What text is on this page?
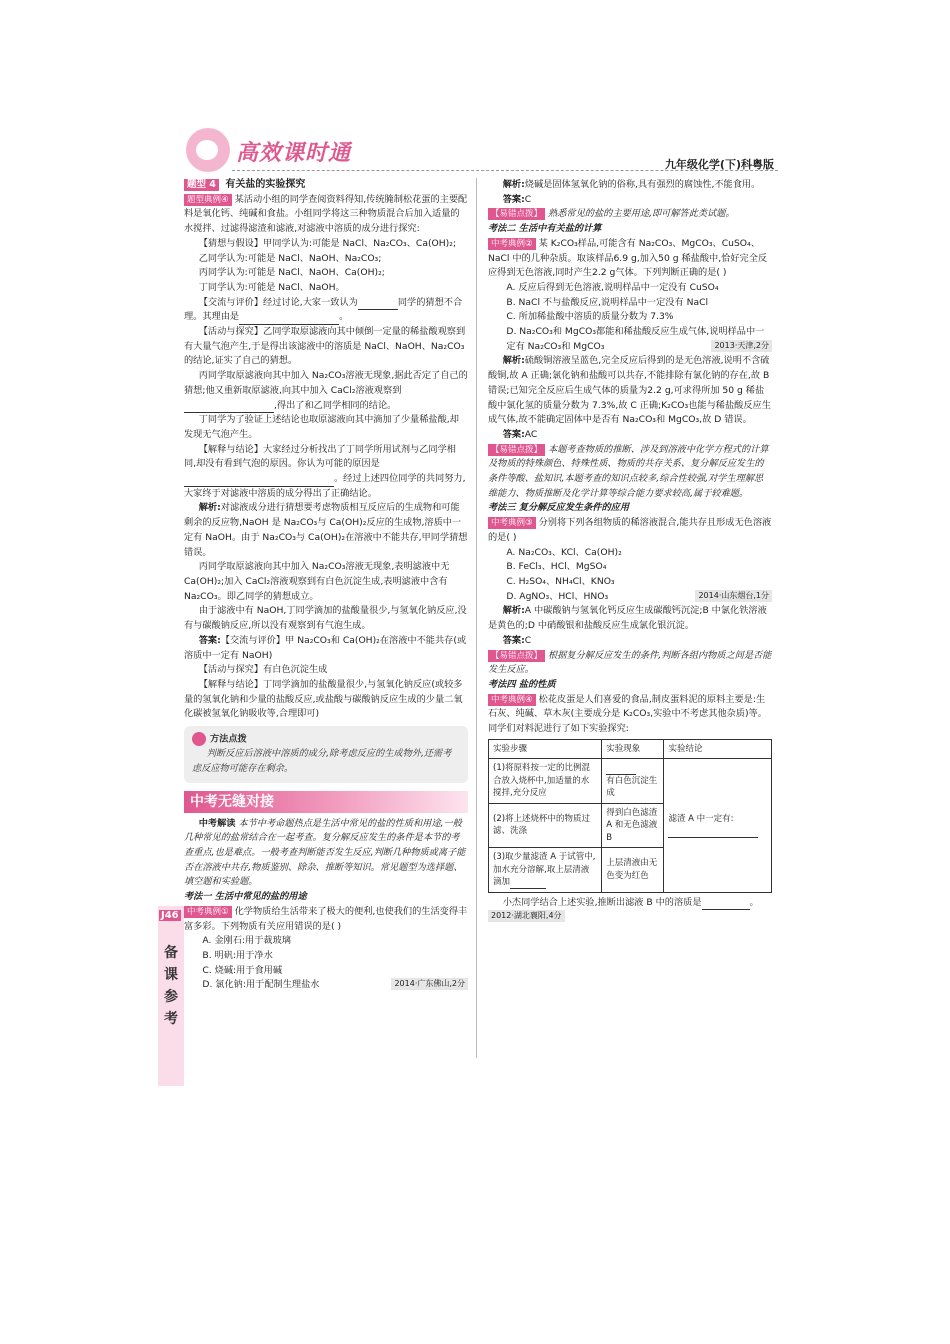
高效课时通	九年级化学(下)科粤版
J46
备课参考

题型 4 有关盐的实验探究

题型典例④ 某活动小组的同学查阅资料得知,传统腌制松花蛋的主要配料是氧化钙、纯碱和食盐。小组同学将这三种物质混合后加入适量的水搅拌、过滤得滤渣和滤液,对滤液中溶质的成分进行探究:

【猜想与假设】甲同学认为:可能是 NaCl、Na₂CO₃、Ca(OH)₂;

乙同学认为:可能是 NaCl、NaOH、Na₂CO₃;

丙同学认为:可能是 NaCl、NaOH、Ca(OH)₂;

丁同学认为:可能是 NaCl、NaOH。

【交流与评价】经过讨论,大家一致认为	同学的猜想不合理。其理由是	。

【活动与探究】乙同学取原滤液向其中倾倒一定量的稀盐酸观察到有大量气泡产生,于是得出该滤液中的溶质是 NaCl、NaOH、Na₂CO₃的结论,证实了自己的猜想。

丙同学取原滤液向其中加入 Na₂CO₃溶液无现象,据此否定了自己的猜想;他又重新取原滤液,向其中加入 CaCl₂溶液观察到,得出了和乙同学相同的结论。

丁同学为了验证上述结论也取原滤液向其中滴加了少量稀盐酸,却发现无气泡产生。

【解释与结论】大家经过分析找出了丁同学所用试剂与乙同学相同,却没有看到气泡的原因。你认为可能的原因是。经过上述四位同学的共同努力,大家终于对滤液中溶质的成分得出了正确结论。

解析:对滤液成分进行猜想要考虑物质相互反应后的生成物和可能剩余的反应物,NaOH 是 Na₂CO₃与 Ca(OH)₂反应的生成物,溶质中一定有 NaOH。由于 Na₂CO₃与 Ca(OH)₂在溶液中不能共存,甲同学猜想错误。

丙同学取原滤液向其中加入 Na₂CO₃溶液无现象,表明滤液中无 Ca(OH)₂;加入 CaCl₂溶液观察到有白色沉淀生成,表明滤液中含有 Na₂CO₃。即乙同学的猜想成立。

由于滤液中有 NaOH,丁同学滴加的盐酸量很少,与氢氧化钠反应,没有与碳酸钠反应,所以没有观察到有气泡生成。

答案:【交流与评价】甲 Na₂CO₃和 Ca(OH)₂在溶液中不能共存(或溶质中一定有 NaOH)

【活动与探究】有白色沉淀生成

【解释与结论】丁同学滴加的盐酸量很少,与氢氧化钠反应(或较多量的氢氧化钠和少量的盐酸反应,或盐酸与碳酸钠反应生成的少量二氧化碳被氢氧化钠吸收等,合理即可)

方法点拨
判断反应后溶液中溶质的成分,除考虑反应的生成物外,还需考虑反应物可能存在剩余。
中考无缝对接

中考解读 本节中考命题热点是生活中常见的盐的性质和用途,一般几种常见的盐常结合在一起考查。复分解反应发生的条件是本节的考查重点,也是难点。一般考查判断能否发生反应,判断几种物质或离子能否在溶液中共存,物质鉴别、除杂、推断等知识。常见题型为选择题、填空题和实验题。

考法一 生活中常见的盐的用途

中考典例① 化学物质给生活带来了极大的便利,也使我们的生活变得丰富多彩。下列物质有关应用错误的是( )

A. 金刚石:用于裁玻璃

B. 明矾:用于净水

C. 烧碱:用于食用碱

D. 氯化钠:用于配制生理盐水	2014·广东佛山,2分

解析:烧碱是固体氢氧化钠的俗称,具有强烈的腐蚀性,不能食用。

答案:C

【易错点拨】 熟悉常见的盐的主要用途,即可解答此类试题。

考法二 生活中有关盐的计算

中考典例② 某 K₂CO₃样品,可能含有 Na₂CO₃、MgCO₃、CuSO₄、NaCl 中的几种杂质。取该样品6.9 g,加入50 g 稀盐酸中,恰好完全反应得到无色溶液,同时产生2.2 g气体。下列判断正确的是( )

A. 反应后得到无色溶液,说明样品中一定没有 CuSO₄

B. NaCl 不与盐酸反应,说明样品中一定没有 NaCl

C. 所加稀盐酸中溶质的质量分数为 7.3%

D. Na₂CO₃和 MgCO₃都能和稀盐酸反应生成气体,说明样品中一定有 Na₂CO₃和 MgCO₃	2013·天津,2分

解析:硫酸铜溶液呈蓝色,完全反应后得到的是无色溶液,说明不含硫酸铜,故 A 正确;氯化钠和盐酸可以共存,不能排除有氯化钠的存在,故 B 错误;已知完全反应后生成气体的质量为2.2 g,可求得所加 50 g 稀盐酸中氯化氢的质量分数为 7.3%,故 C 正确;K₂CO₃也能与稀盐酸反应生成气体,故不能确定固体中是否有 Na₂CO₃和 MgCO₃,故 D 错误。

答案:AC

【易错点拨】 本题考查物质的推断、涉及到溶液中化学方程式的计算及物质的特殊颜色、特殊性质、物质的共存关系、复分解反应发生的条件等酸、盐知识,本题考查的知识点较多,综合性较强,对学生理解思维能力、物质推断及化学计算等综合能力要求较高,属于较难题。

考法三 复分解反应发生条件的应用

中考典例③ 分别将下列各组物质的稀溶液混合,能共存且形成无色溶液的是( )

A. Na₂CO₃、KCl、Ca(OH)₂

B. FeCl₃、HCl、MgSO₄

C. H₂SO₄、NH₄Cl、KNO₃

D. AgNO₃、HCl、HNO₃	2014·山东烟台,1分

解析:A 中碳酸钠与氢氧化钙反应生成碳酸钙沉淀;B 中氯化铁溶液是黄色的;D 中硝酸银和盐酸反应生成氯化银沉淀。

答案:C

【易错点拨】 根据复分解反应发生的条件,判断各组内物质之间是否能发生反应。

考法四 盐的性质

中考典例④ 松花皮蛋是人们喜爱的食品,制皮蛋料泥的原料主要是:生石灰、纯碱、草木灰(主要成分是 K₂CO₃,实验中不考虑其他杂质)等。同学们对料泥进行了如下实验探究:

实验步骤	实验现象	实验结论
(1)将原料按一定的比例混合放入烧杯中,加适量的水搅拌,充分反应	有白色沉淀生成	滤渣 A 中一定有:

(2)将上述烧杯中的物质过滤、洗涤	得到白色滤渣 A 和无色滤液 B	
(3)取少量滤渣 A 于试管中,加水充分溶解,取上层清液滴加	上层清液由无色变为红色	

小杰同学结合上述实验,推断出滤液 B 中的溶质是	。

2012·湖北襄阳,4分
